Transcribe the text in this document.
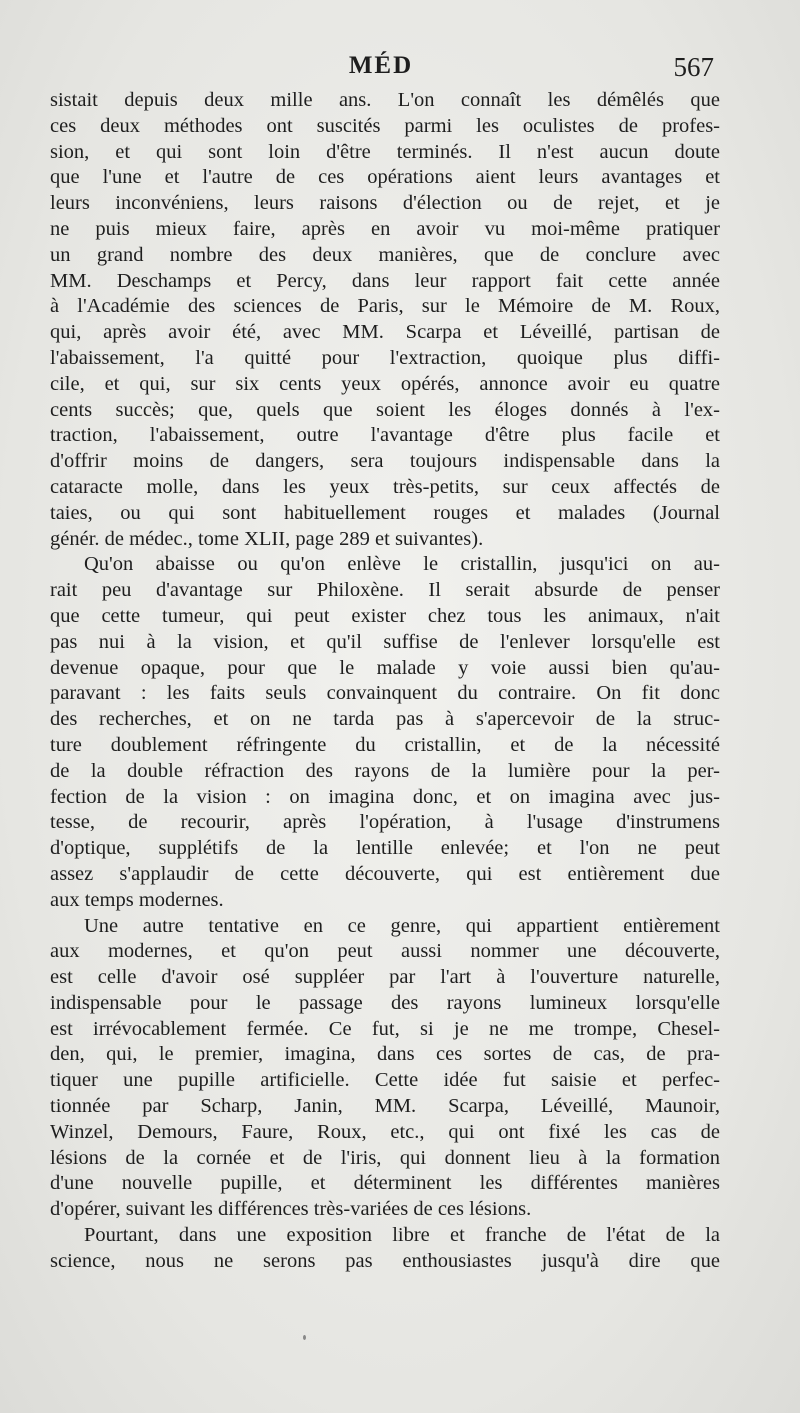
MÉD	567
sistait depuis deux mille ans. L'on connaît les démêlés que
ces deux méthodes ont suscités parmi les oculistes de profes-
sion, et qui sont loin d'être terminés. Il n'est aucun doute
que l'une et l'autre de ces opérations aient leurs avantages et
leurs inconvéniens, leurs raisons d'élection ou de rejet, et je
ne puis mieux faire, après en avoir vu moi-même pratiquer
un grand nombre des deux manières, que de conclure avec
MM. Deschamps et Percy, dans leur rapport fait cette année
à l'Académie des sciences de Paris, sur le Mémoire de M. Roux,
qui, après avoir été, avec MM. Scarpa et Léveillé, partisan de
l'abaissement, l'a quitté pour l'extraction, quoique plus diffi-
cile, et qui, sur six cents yeux opérés, annonce avoir eu quatre
cents succès; que, quels que soient les éloges donnés à l'ex-
traction, l'abaissement, outre l'avantage d'être plus facile et
d'offrir moins de dangers, sera toujours indispensable dans la
cataracte molle, dans les yeux très-petits, sur ceux affectés de
taies, ou qui sont habituellement rouges et malades (Journal
génér. de médec., tome XLII, page 289 et suivantes).
Qu'on abaisse ou qu'on enlève le cristallin, jusqu'ici on au-
rait peu d'avantage sur Philoxène. Il serait absurde de penser
que cette tumeur, qui peut exister chez tous les animaux, n'ait
pas nui à la vision, et qu'il suffise de l'enlever lorsqu'elle est
devenue opaque, pour que le malade y voie aussi bien qu'au-
paravant : les faits seuls convainquent du contraire. On fit donc
des recherches, et on ne tarda pas à s'apercevoir de la struc-
ture doublement réfringente du cristallin, et de la nécessité
de la double réfraction des rayons de la lumière pour la per-
fection de la vision : on imagina donc, et on imagina avec jus-
tesse, de recourir, après l'opération, à l'usage d'instrumens
d'optique, supplétifs de la lentille enlevée; et l'on ne peut
assez s'applaudir de cette découverte, qui est entièrement due
aux temps modernes.
Une autre tentative en ce genre, qui appartient entièrement
aux modernes, et qu'on peut aussi nommer une découverte,
est celle d'avoir osé suppléer par l'art à l'ouverture naturelle,
indispensable pour le passage des rayons lumineux lorsqu'elle
est irrévocablement fermée. Ce fut, si je ne me trompe, Chesel-
den, qui, le premier, imagina, dans ces sortes de cas, de pra-
tiquer une pupille artificielle. Cette idée fut saisie et perfec-
tionnée par Scharp, Janin, MM. Scarpa, Léveillé, Maunoir,
Winzel, Demours, Faure, Roux, etc., qui ont fixé les cas de
lésions de la cornée et de l'iris, qui donnent lieu à la formation
d'une nouvelle pupille, et déterminent les différentes manières
d'opérer, suivant les différences très-variées de ces lésions.
Pourtant, dans une exposition libre et franche de l'état de la
science, nous ne serons pas enthousiastes jusqu'à dire que
